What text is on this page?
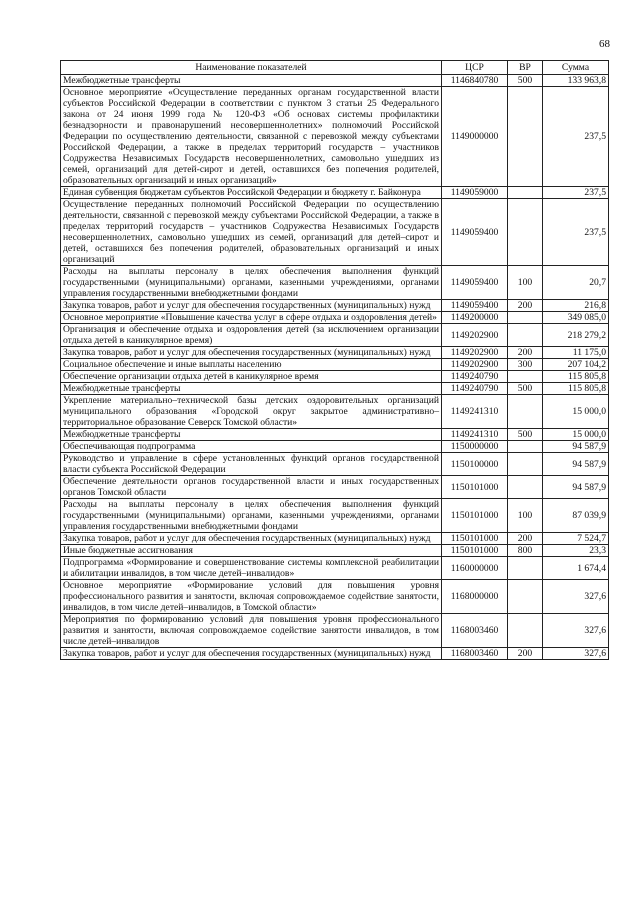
68
Наименование показателей	ЦСР	ВР	Сумма
Межбюджетные трансферты	1146840780	500	133 963,8
Основное мероприятие «Осуществление переданных органам государственной власти субъектов Российской Федерации в соответствии с пунктом 3 статьи 25 Федерального закона от 24 июня 1999 года № 120-ФЗ «Об основах системы профилактики безнадзорности и правонарушений несовершеннолетних» полномочий Российской Федерации по осуществлению деятельности, связанной с перевозкой между субъектами Российской Федерации, а также в пределах территорий государств – участников Содружества Независимых Государств несовершеннолетних, самовольно ушедших из семей, организаций для детей-сирот и детей, оставшихся без попечения родителей, образовательных организаций и иных организаций»	1149000000		237,5
Единая субвенция бюджетам субъектов Российской Федерации и бюджету г. Байконура	1149059000		237,5
Осуществление переданных полномочий Российской Федерации по осуществлению деятельности, связанной с перевозкой между субъектами Российской Федерации, а также в пределах территорий государств – участников Содружества Независимых Государств несовершеннолетних, самовольно ушедших из семей, организаций для детей–сирот и детей, оставшихся без попечения родителей, образовательных организаций и иных организаций	1149059400		237,5
Расходы на выплаты персоналу в целях обеспечения выполнения функций государственными (муниципальными) органами, казенными учреждениями, органами управления государственными внебюджетными фондами	1149059400	100	20,7
Закупка товаров, работ и услуг для обеспечения государственных (муниципальных) нужд	1149059400	200	216,8
Основное мероприятие «Повышение качества услуг в сфере отдыха и оздоровления детей»	1149200000		349 085,0
Организация и обеспечение отдыха и оздоровления детей (за исключением организации отдыха детей в каникулярное время)	1149202900		218 279,2
Закупка товаров, работ и услуг для обеспечения государственных (муниципальных) нужд	1149202900	200	11 175,0
Социальное обеспечение и иные выплаты населению	1149202900	300	207 104,2
Обеспечение организации отдыха детей в каникулярное время	1149240790		115 805,8
Межбюджетные трансферты	1149240790	500	115 805,8
Укрепление материально–технической базы детских оздоровительных организаций муниципального образования «Городской округ закрытое административно–территориальное образование Северск Томской области»	1149241310		15 000,0
Межбюджетные трансферты	1149241310	500	15 000,0
Обеспечивающая подпрограмма	1150000000		94 587,9
Руководство и управление в сфере установленных функций органов государственной власти субъекта Российской Федерации	1150100000		94 587,9
Обеспечение деятельности органов государственной власти и иных государственных органов Томской области	1150101000		94 587,9
Расходы на выплаты персоналу в целях обеспечения выполнения функций государственными (муниципальными) органами, казенными учреждениями, органами управления государственными внебюджетными фондами	1150101000	100	87 039,9
Закупка товаров, работ и услуг для обеспечения государственных (муниципальных) нужд	1150101000	200	7 524,7
Иные бюджетные ассигнования	1150101000	800	23,3
Подпрограмма «Формирование и совершенствование системы комплексной реабилитации и абилитации инвалидов, в том числе детей–инвалидов»	1160000000		1 674,4
Основное мероприятие «Формирование условий для повышения уровня профессионального развития и занятости, включая сопровождаемое содействие занятости, инвалидов, в том числе детей–инвалидов, в Томской области»	1168000000		327,6
Мероприятия по формированию условий для повышения уровня профессионального развития и занятости, включая сопровождаемое содействие занятости инвалидов, в том числе детей–инвалидов	1168003460		327,6
Закупка товаров, работ и услуг для обеспечения государственных (муниципальных) нужд	1168003460	200	327,6
